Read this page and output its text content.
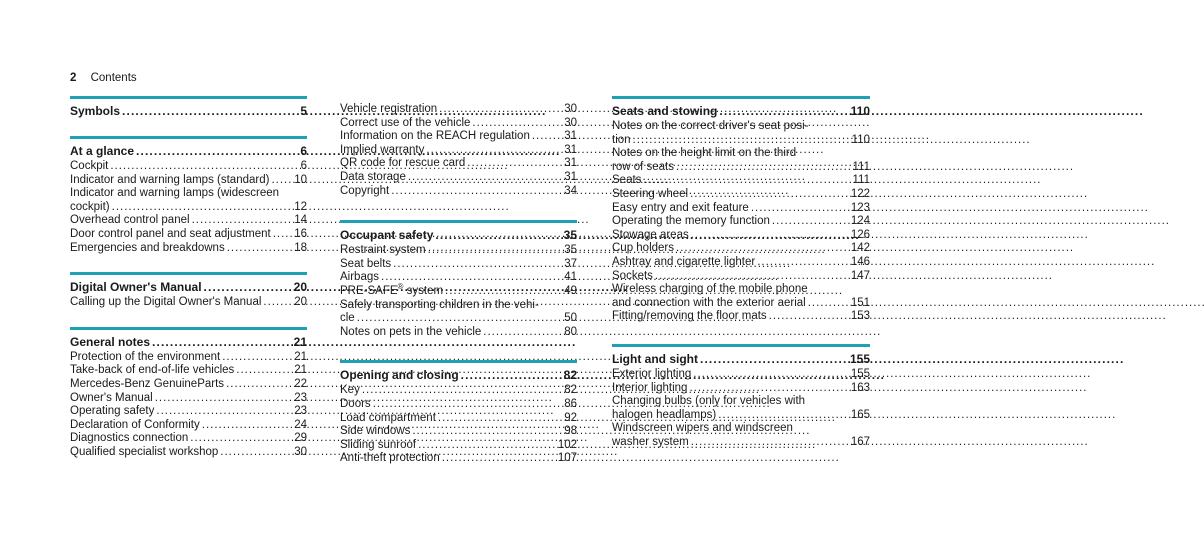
2 Contents
Symbols . . .	5
At a glance . . .	6
Cockpit . . .	6
Indicator and warning lamps (standard) . . . 10
Indicator and warning lamps (widescreen
cockpit) . . .	12
Overhead control panel . . .	14
Door control panel and seat adjustment . . . 16
Emergencies and breakdowns . . .	18
Digital Owner's Manual . . .	20
Calling up the Digital Owner's Manual . . .	20
General notes . . .	21
Protection of the environment . . .	21
Take-back of end-of-life vehicles . . .	21
Mercedes-Benz GenuineParts . . .	22
Owner's Manual . . .	23
Operating safety . . .	23
Declaration of Conformity . . .	24
Diagnostics connection . . .	29
Qualified specialist workshop . . .	30
Vehicle registration . . .	30
Correct use of the vehicle . . .	30
Information on the REACH regulation . . .	31
Implied warranty . . .	31
QR code for rescue card . . .	31
Data storage . . .	31
Copyright . . .	34
Occupant safety . . .	35
Restraint system . . .	35
Seat belts . . .	37
Airbags . . .	41
PRE-SAFE® system . . .	49
Safely transporting children in the vehi-
cle . . .	50
Notes on pets in the vehicle . . .	80
Opening and closing . . .	82
Key . . .	82
Doors . . .	86
Load compartment . . .	92
Side windows . . .	98
Sliding sunroof . . .	102
Anti-theft protection . . .	107
Seats and stowing . . .	110
Notes on the correct driver's seat posi-
tion . . .	110
Notes on the height limit on the third
row of seats . . .	111
Seats . . .	111
Steering wheel . . .	122
Easy entry and exit feature . . .	123
Operating the memory function . . .	124
Stowage areas . . .	126
Cup holders . . .	142
Ashtray and cigarette lighter . . .	146
Sockets . . .	147
Wireless charging of the mobile phone
and connection with the exterior aerial . . .	151
Fitting/removing the floor mats . . .	153
Light and sight . . .	155
Exterior lighting . . .	155
Interior lighting . . .	163
Changing bulbs (only for vehicles with
halogen headlamps) . . .	165
Windscreen wipers and windscreen
washer system . . .	167
